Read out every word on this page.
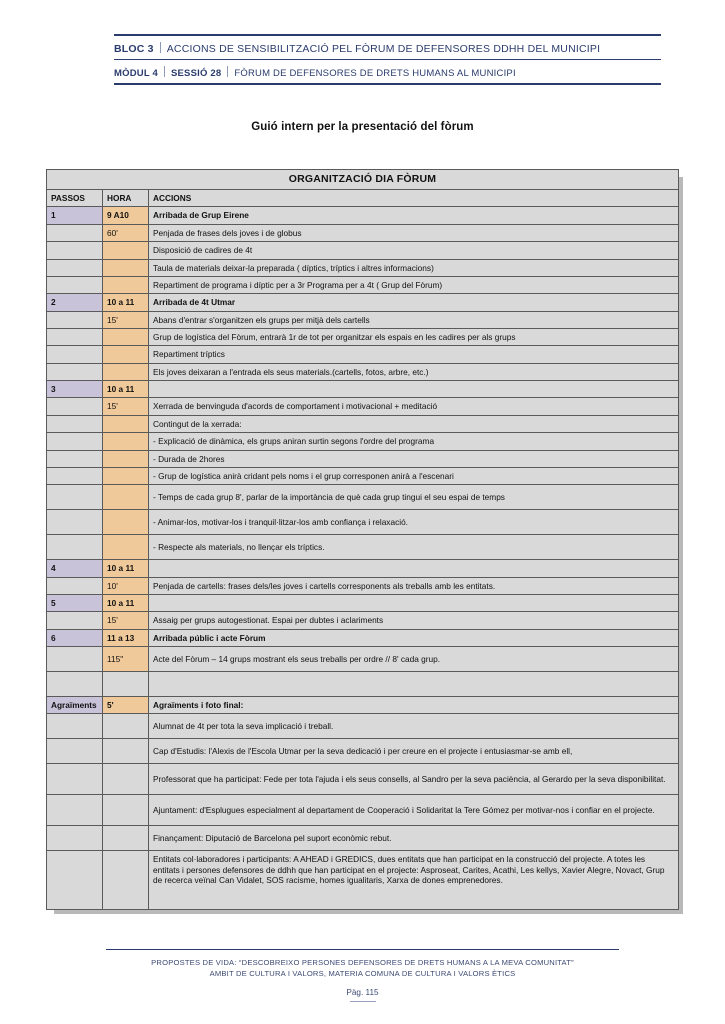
BLOC 3 ACCIONS DE SENSIBILITZACIÓ PEL FÒRUM DE DEFENSORES DDHH DEL MUNICIPI
MÒDUL 4 SESSIÓ 28 FÒRUM DE DEFENSORES DE DRETS HUMANS AL MUNICIPI
Guió intern per la presentació del fòrum
ORGANITZACIÓ DIA FÒRUM		
PASSOS	HORA	ACCIONS
1	9 A10	Arribada de Grup Eirene
	60'	Penjada de frases dels joves i de globus
		Disposició de cadires de 4t
		Taula de materials deixar-la preparada ( díptics, tríptics i altres informacions)
		Repartiment de programa i díptic per a 3r Programa per a 4t ( Grup del Fòrum)
2	10 a 11	Arribada de 4t Utmar
	15'	Abans d'entrar s'organitzen els grups per mitjà dels cartells
		Grup de logística del Fòrum, entrarà 1r de tot per organitzar els espais en les cadires per als grups
		Repartiment tríptics
		Els joves deixaran a l'entrada els seus materials.(cartells, fotos, arbre, etc.)
3	10 a 11	
	15'	Xerrada de benvinguda d'acords de comportament i motivacional + meditació
		Contingut de la xerrada:
		- Explicació de dinàmica, els grups aniran surtin segons l'ordre del programa
		- Durada de 2hores
		- Grup de logística anirà cridant pels noms i el grup corresponen anirà a l'escenari
		- Temps de cada grup 8', parlar de la importància de què cada grup tingui el seu espai de temps
		- Animar-los, motivar-los i tranquil·litzar-los amb confiança i relaxació.
		- Respecte als materials, no llençar els tríptics.
4	10 a 11	
	10'	Penjada de cartells: frases dels/les joves i cartells corresponents als treballs amb les entitats.
5	10 a 11	
	15'	Assaig per grups autogestionat. Espai per dubtes i aclariments
6	11 a 13	Arribada públic i acte Fòrum
	115"	Acte del Fòrum – 14 grups mostrant els seus treballs per ordre // 8' cada grup.

Agraïments	5'	Agraïments i foto final:
		Alumnat de 4t per tota la seva implicació i treball.
		Cap d'Estudis: l'Alexis de l'Escola Utmar per la seva dedicació i per creure en el projecte i entusiasmar-se amb ell,
		Professorat que ha participat: Fede per tota l'ajuda i els seus consells, al Sandro per la seva paciència, al Gerardo per la seva disponibilitat.
		Ajuntament: d'Esplugues especialment al departament de Cooperació i Solidaritat la Tere Gómez per motivar-nos i confiar en el projecte.
		Finançament: Diputació de Barcelona pel suport econòmic rebut.
		Entitats col·laboradores i participants: A AHEAD i GREDICS, dues entitats que han participat en la construcció del projecte. A totes les entitats i persones defensores de ddhh que han participat en el projecte: Asproseat, Carites, Acathi, Les kellys, Xavier Alegre, Novact, Grup de recerca veïnal Can Vidalet, SOS racisme, homes igualitaris, Xarxa de dones emprenedores.
PROPOSTES DE VIDA: “DESCOBREIXO PERSONES DEFENSORES DE DRETS HUMANS A LA MEVA COMUNITAT”
AMBIT DE CULTURA I VALORS, MATERIA COMUNA DE CULTURA I VALORS ÈTICS
Pàg. 115
